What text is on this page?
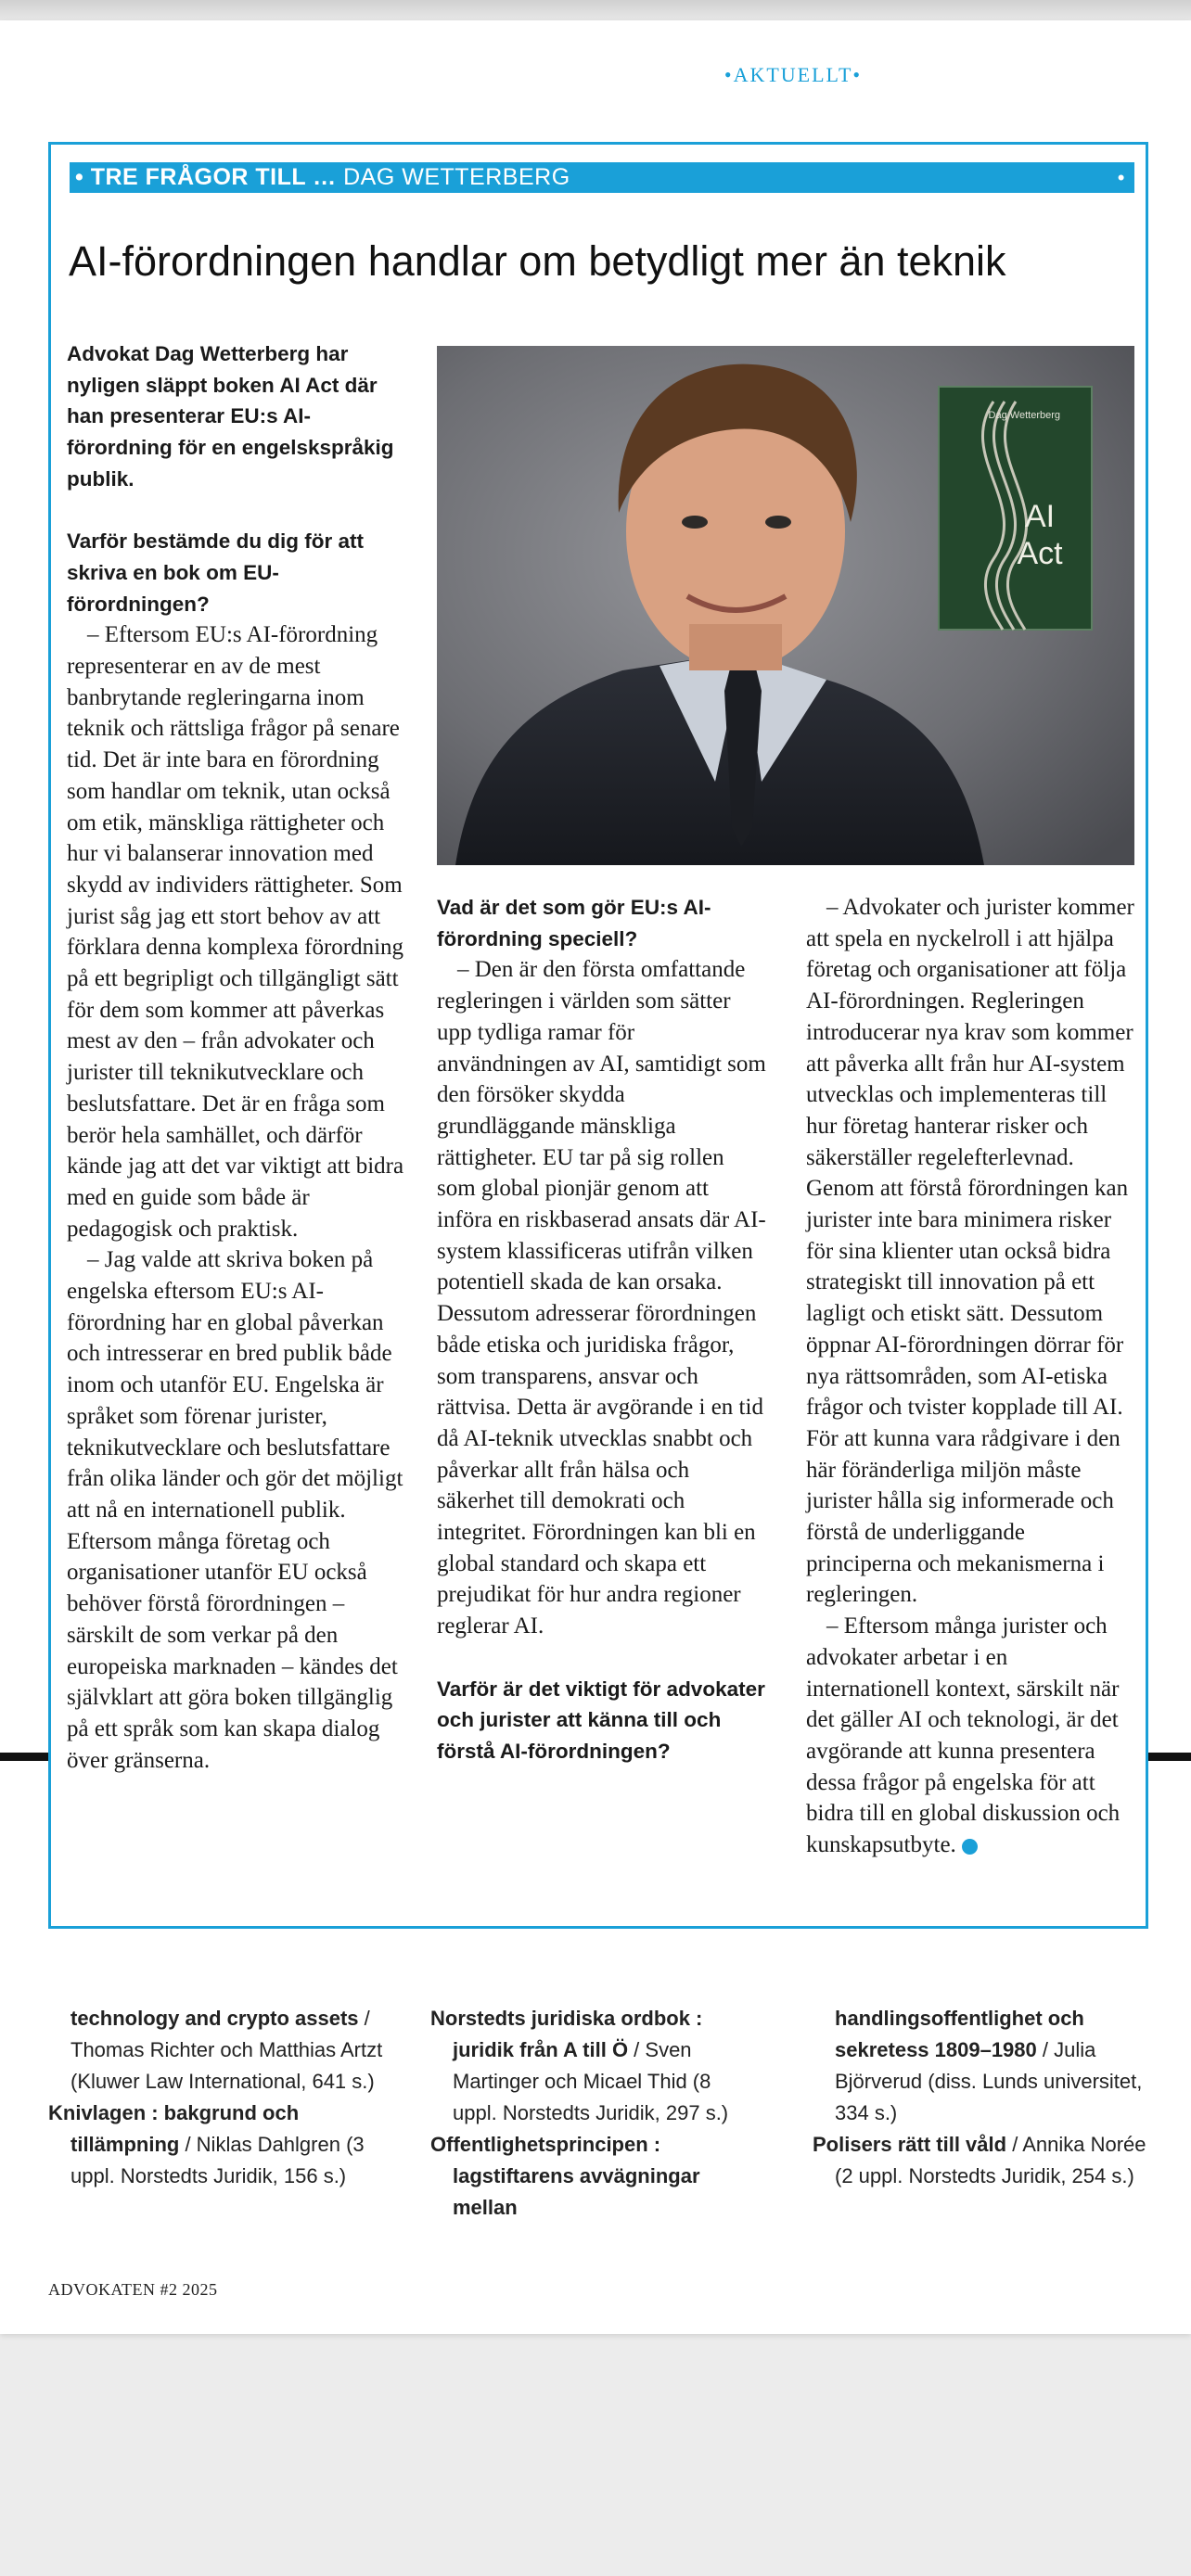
•AKTUELLT•
• TRE FRÅGOR TILL … DAG WETTERBERG	•
AI-förordningen handlar om betydligt mer än teknik
Dag Wetterberg
AI
Act

Advokat Dag Wetterberg har nyligen släppt boken AI Act där han presenterar EU:s AI-förordning för en engelskspråkig publik.

Varför bestämde du dig för att skriva en bok om EU-förordningen?

– Eftersom EU:s AI-förordning representerar en av de mest banbrytande regleringarna inom teknik och rättsliga frågor på senare tid. Det är inte bara en förordning som handlar om teknik, utan också om etik, mänskliga rättigheter och hur vi balanserar innovation med skydd av individers rättigheter. Som jurist såg jag ett stort behov av att förklara denna komplexa förordning på ett begripligt och tillgängligt sätt för dem som kommer att påverkas mest av den – från advokater och jurister till teknikutvecklare och beslutsfattare. Det är en fråga som berör hela samhället, och därför kände jag att det var viktigt att bidra med en guide som både är pedagogisk och praktisk.

– Jag valde att skriva boken på engelska eftersom EU:s AI-förordning har en global påverkan och intresserar en bred publik både inom och utanför EU. Engelska är språket som förenar jurister, teknikutvecklare och beslutsfattare från olika länder och gör det möjligt att nå en internationell publik. Eftersom många företag och organisationer utanför EU också behöver förstå förordningen – särskilt de som verkar på den europeiska marknaden – kändes det självklart att göra boken tillgänglig på ett språk som kan skapa dialog över gränserna.

Vad är det som gör EU:s AI-förordning speciell?

– Den är den första omfattande regleringen i världen som sätter upp tydliga ramar för användningen av AI, samtidigt som den försöker skydda grundläggande mänskliga rättigheter. EU tar på sig rollen som global pionjär genom att införa en riskbaserad ansats där AI-system klassificeras utifrån vilken potentiell skada de kan orsaka. Dessutom adresserar förordningen både etiska och juridiska frågor, som transparens, ansvar och rättvisa. Detta är avgörande i en tid då AI-teknik utvecklas snabbt och påverkar allt från hälsa och säkerhet till demokrati och integritet. Förordningen kan bli en global standard och skapa ett prejudikat för hur andra regioner reglerar AI.

Varför är det viktigt för advokater och jurister att känna till och förstå AI-förordningen?

– Advokater och jurister kommer att spela en nyckelroll i att hjälpa företag och organisationer att följa AI-förordningen. Regleringen introducerar nya krav som kommer att påverka allt från hur AI-system utvecklas och implementeras till hur företag hanterar risker och säkerställer regelefterlevnad. Genom att förstå förordningen kan jurister inte bara minimera risker för sina klienter utan också bidra strategiskt till innovation på ett lagligt och etiskt sätt. Dessutom öppnar AI-förordningen dörrar för nya rättsområden, som AI-etiska frågor och tvister kopplade till AI. För att kunna vara rådgivare i den här föränderliga miljön måste jurister hålla sig informerade och förstå de underliggande principerna och mekanismerna i regleringen.

– Eftersom många jurister och advokater arbetar i en internationell kontext, särskilt när det gäller AI och teknologi, är det avgörande att kunna presentera dessa frågor på engelska för att bidra till en global diskussion och kunskapsutbyte.

technology and crypto assets / Thomas Richter och Matthias Artzt (Kluwer Law International, 641 s.)

Knivlagen : bakgrund och tillämpning / Niklas Dahlgren (3 uppl. Norstedts Juridik, 156 s.)

Norstedts juridiska ordbok : juridik från A till Ö / Sven Martinger och Micael Thid (8 uppl. Norstedts Juridik, 297 s.)

Offentlighetsprincipen : lagstiftarens avvägningar mellan

handlingsoffentlighet och sekretess 1809–1980 / Julia Björverud (diss. Lunds universitet, 334 s.)

Polisers rätt till våld / Annika Norée (2 uppl. Norstedts Juridik, 254 s.)

ADVOKATEN #2 2025
